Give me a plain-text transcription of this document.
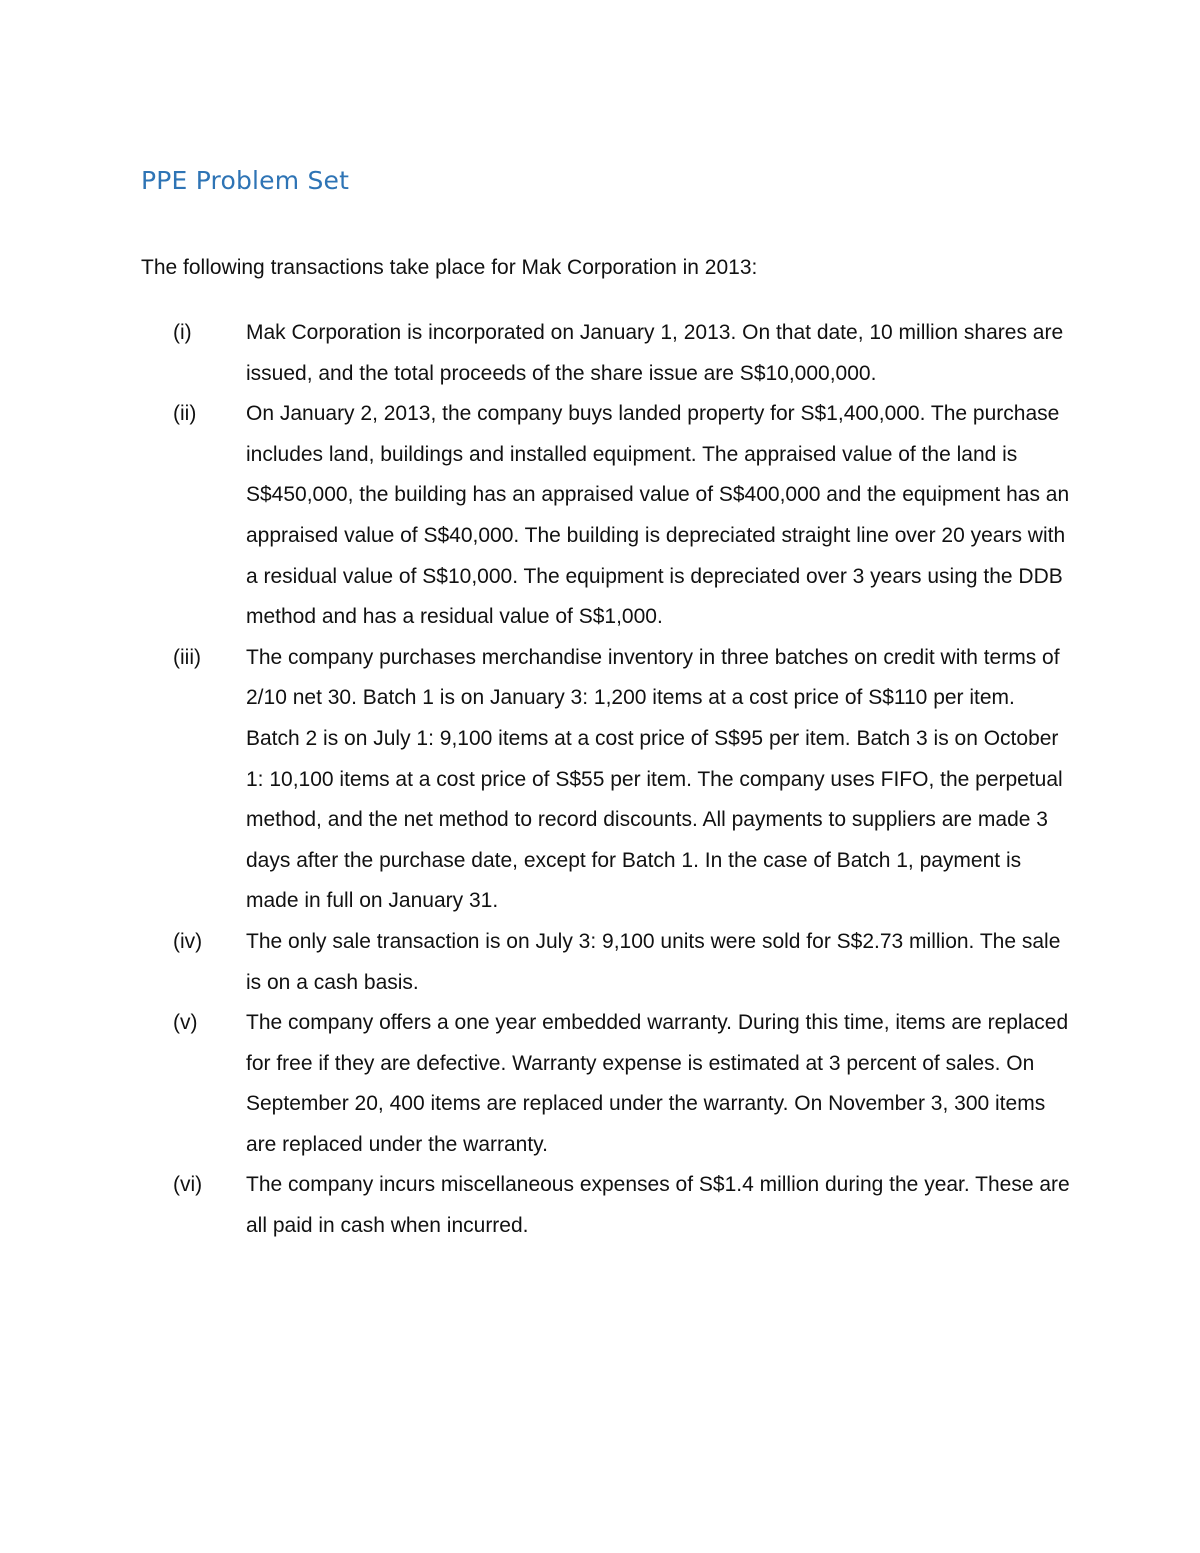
PPE Problem Set

The following transactions take place for Mak Corporation in 2013:

(i)	Mak Corporation is incorporated on January 1, 2013. On that date, 10 million shares are issued, and the total proceeds of the share issue are S$10,000,000.
(ii)	On January 2, 2013, the company buys landed property for S$1,400,000. The purchase includes land, buildings and installed equipment. The appraised value of the land is S$450,000, the building has an appraised value of S$400,000 and the equipment has an appraised value of S$40,000. The building is depreciated straight line over 20 years with a residual value of S$10,000. The equipment is depreciated over 3 years using the DDB method and has a residual value of S$1,000.
(iii)	The company purchases merchandise inventory in three batches on credit with terms of 2/10 net 30. Batch 1 is on January 3: 1,200 items at a cost price of S$110 per item. Batch 2 is on July 1: 9,100 items at a cost price of S$95 per item. Batch 3 is on October 1: 10,100 items at a cost price of S$55 per item. The company uses FIFO, the perpetual method, and the net method to record discounts. All payments to suppliers are made 3 days after the purchase date, except for Batch 1. In the case of Batch 1, payment is made in full on January 31.
(iv)	The only sale transaction is on July 3: 9,100 units were sold for S$2.73 million. The sale is on a cash basis.
(v)	The company offers a one year embedded warranty. During this time, items are replaced for free if they are defective. Warranty expense is estimated at 3 percent of sales. On September 20, 400 items are replaced under the warranty. On November 3, 300 items are replaced under the warranty.
(vi)	The company incurs miscellaneous expenses of S$1.4 million during the year. These are all paid in cash when incurred.
